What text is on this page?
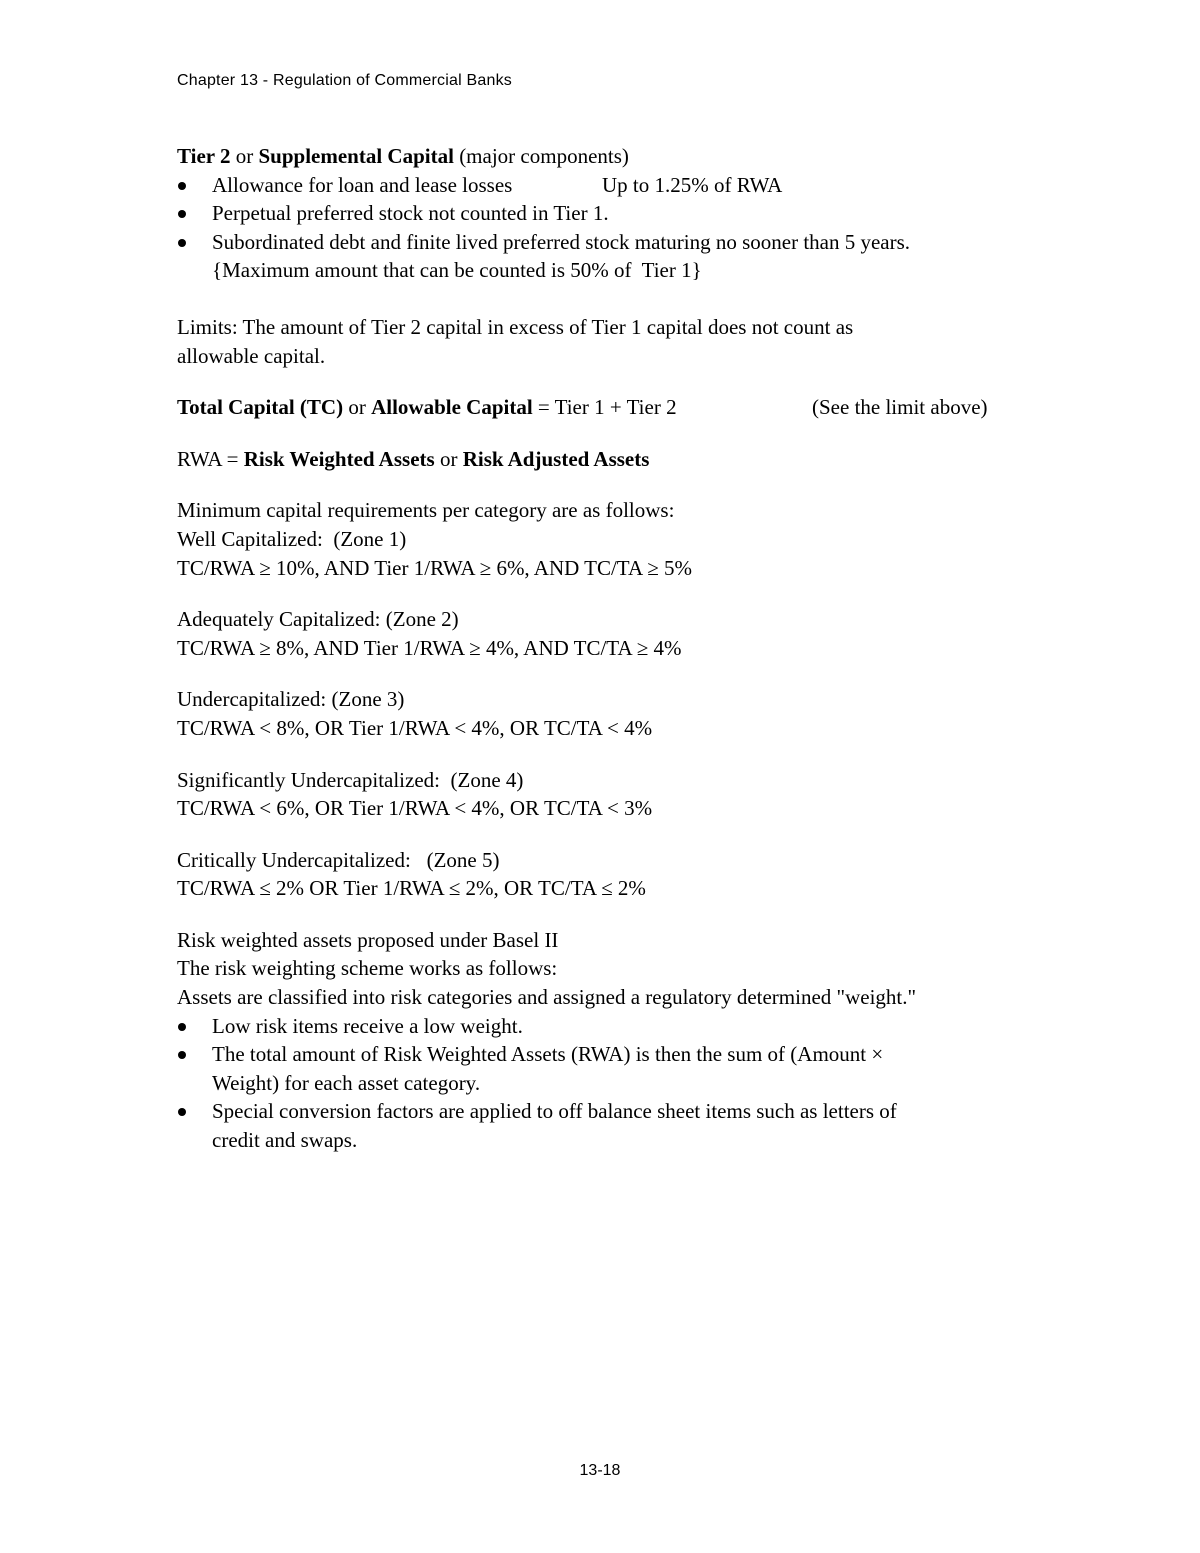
Chapter 13 - Regulation of Commercial Banks
Tier 2 or Supplemental Capital (major components)
Allowance for loan and lease losses	Up to 1.25% of RWA
Perpetual preferred stock not counted in Tier 1.
Subordinated debt and finite lived preferred stock maturing no sooner than 5 years.
{Maximum amount that can be counted is 50% of  Tier 1}
Limits: The amount of Tier 2 capital in excess of Tier 1 capital does not count as
allowable capital.
Total Capital (TC) or Allowable Capital = Tier 1 + Tier 2	(See the limit above)
RWA = Risk Weighted Assets or Risk Adjusted Assets
Minimum capital requirements per category are as follows:
Well Capitalized:  (Zone 1)
TC/RWA ≥ 10%, AND Tier 1/RWA ≥ 6%, AND TC/TA ≥ 5%
Adequately Capitalized: (Zone 2)
TC/RWA ≥ 8%, AND Tier 1/RWA ≥ 4%, AND TC/TA ≥ 4%
Undercapitalized: (Zone 3)
TC/RWA < 8%, OR Tier 1/RWA < 4%, OR TC/TA < 4%
Significantly Undercapitalized:  (Zone 4)
TC/RWA < 6%, OR Tier 1/RWA < 4%, OR TC/TA < 3%
Critically Undercapitalized:   (Zone 5)
TC/RWA ≤ 2% OR Tier 1/RWA ≤ 2%, OR TC/TA ≤ 2%
Risk weighted assets proposed under Basel II
The risk weighting scheme works as follows:
Assets are classified into risk categories and assigned a regulatory determined "weight."
Low risk items receive a low weight.
The total amount of Risk Weighted Assets (RWA) is then the sum of (Amount ×
Weight) for each asset category.
Special conversion factors are applied to off balance sheet items such as letters of
credit and swaps.
13-18
